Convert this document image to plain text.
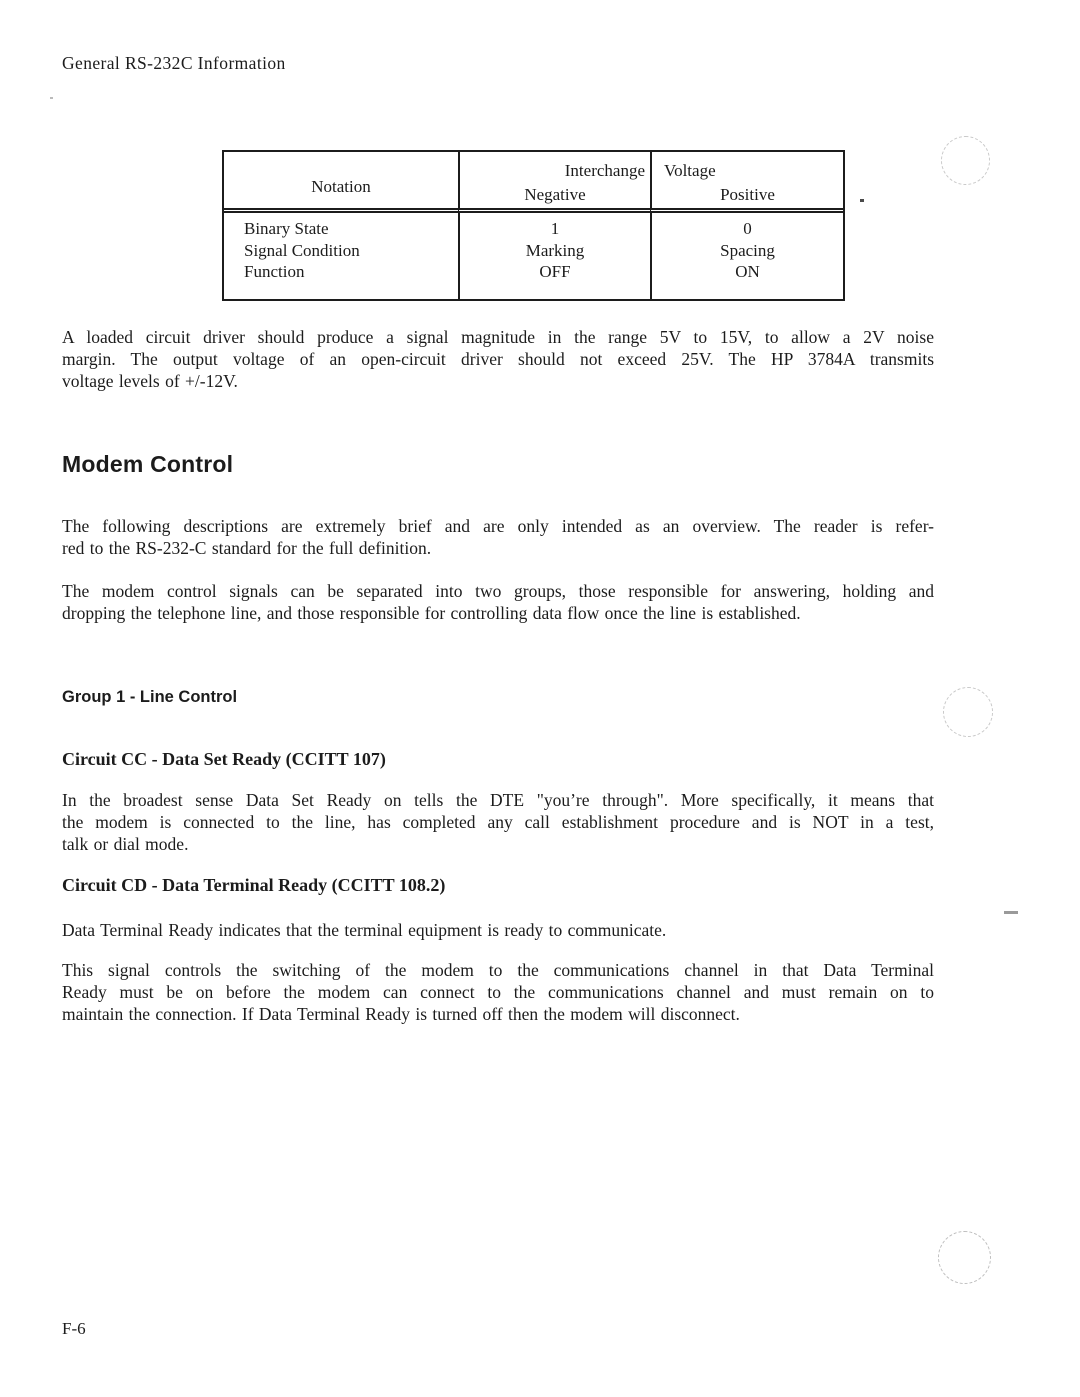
General RS-232C Information
Notation
Interchange
Negative
Voltage
Positive
Binary State
Signal Condition
Function
1
Marking
OFF
0
Spacing
ON
A loaded circuit driver should produce a signal magnitude in the range 5V to 15V, to allow a 2V noise
margin. The output voltage of an open-circuit driver should not exceed 25V. The HP 3784A transmits
voltage levels of +/-12V.
Modem Control
The following descriptions are extremely brief and are only intended as an overview. The reader is refer-
red to the RS-232-C standard for the full definition.
The modem control signals can be separated into two groups, those responsible for answering, holding and
dropping the telephone line, and those responsible for controlling data flow once the line is established.
Group 1 - Line Control
Circuit CC - Data Set Ready (CCITT 107)
In the broadest sense Data Set Ready on tells the DTE "you’re through". More specifically, it means that
the modem is connected to the line, has completed any call establishment procedure and is NOT in a test,
talk or dial mode.
Circuit CD - Data Terminal Ready (CCITT 108.2)
Data Terminal Ready indicates that the terminal equipment is ready to communicate.
This signal controls the switching of the modem to the communications channel in that Data Terminal
Ready must be on before the modem can connect to the communications channel and must remain on to
maintain the connection. If Data Terminal Ready is turned off then the modem will disconnect.
F-6
